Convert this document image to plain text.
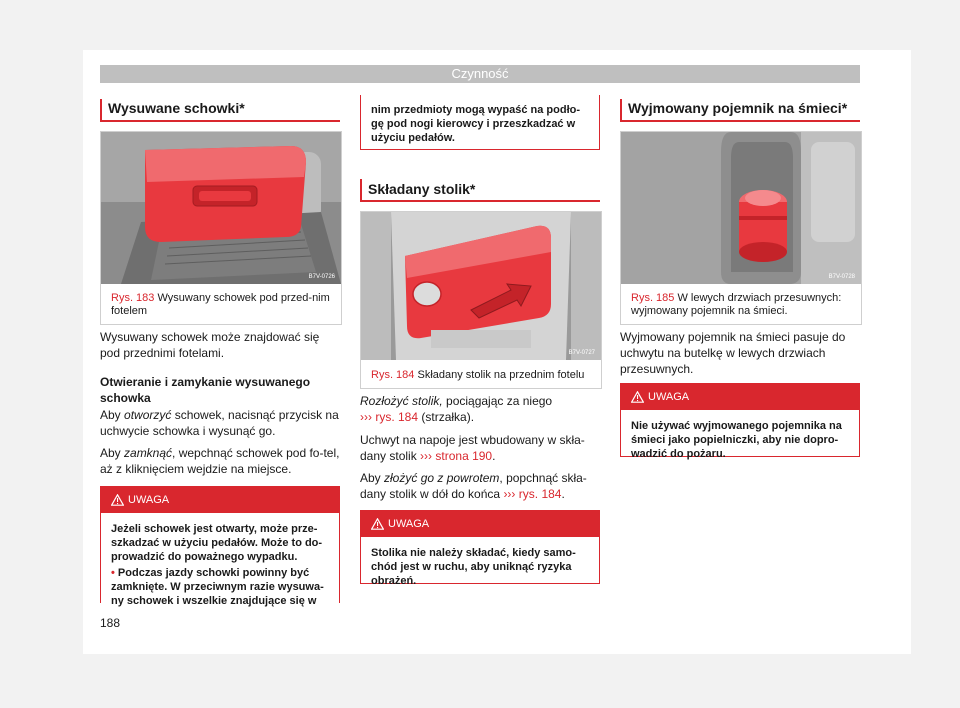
Czynność
Wysuwane schowki*
B7V-0726
Rys. 183 Wysuwany schowek pod przed-nim fotelem
Wysuwany schowek może znajdować się pod przednimi fotelami.
Otwieranie i zamykanie wysuwanego schowka
Aby otworzyć schowek, nacisnąć przycisk na uchwycie schowka i wysunąć go.
Aby zamknąć, wepchnąć schowek pod fo-tel, aż z kliknięciem wejdzie na miejsce.
UWAGA
Jeżeli schowek jest otwarty, może prze-szkadzać w użyciu pedałów. Może to do-prowadzić do poważnego wypadku.
• Podczas jazdy schowki powinny być zamknięte. W przeciwnym razie wysuwa-ny schowek i wszelkie znajdujące się w
nim przedmioty mogą wypaść na podło-gę pod nogi kierowcy i przeszkadzać w użyciu pedałów.
Składany stolik*
B7V-0727
Rys. 184 Składany stolik na przednim fotelu
Rozłożyć stolik, pociągając za niego
››› rys. 184 (strzałka).
Uchwyt na napoje jest wbudowany w skła-dany stolik ››› strona 190.
Aby złożyć go z powrotem, popchnąć skła-dany stolik w dół do końca ››› rys. 184.
UWAGA
Stolika nie należy składać, kiedy samo-chód jest w ruchu, aby uniknąć ryzyka obrażeń.
Wyjmowany pojemnik na śmieci*
B7V-0728
Rys. 185 W lewych drzwiach przesuwnych: wyjmowany pojemnik na śmieci.
Wyjmowany pojemnik na śmieci pasuje do uchwytu na butelkę w lewych drzwiach przesuwnych.
UWAGA
Nie używać wyjmowanego pojemnika na śmieci jako popielniczki, aby nie dopro-wadzić do pożaru.
188
